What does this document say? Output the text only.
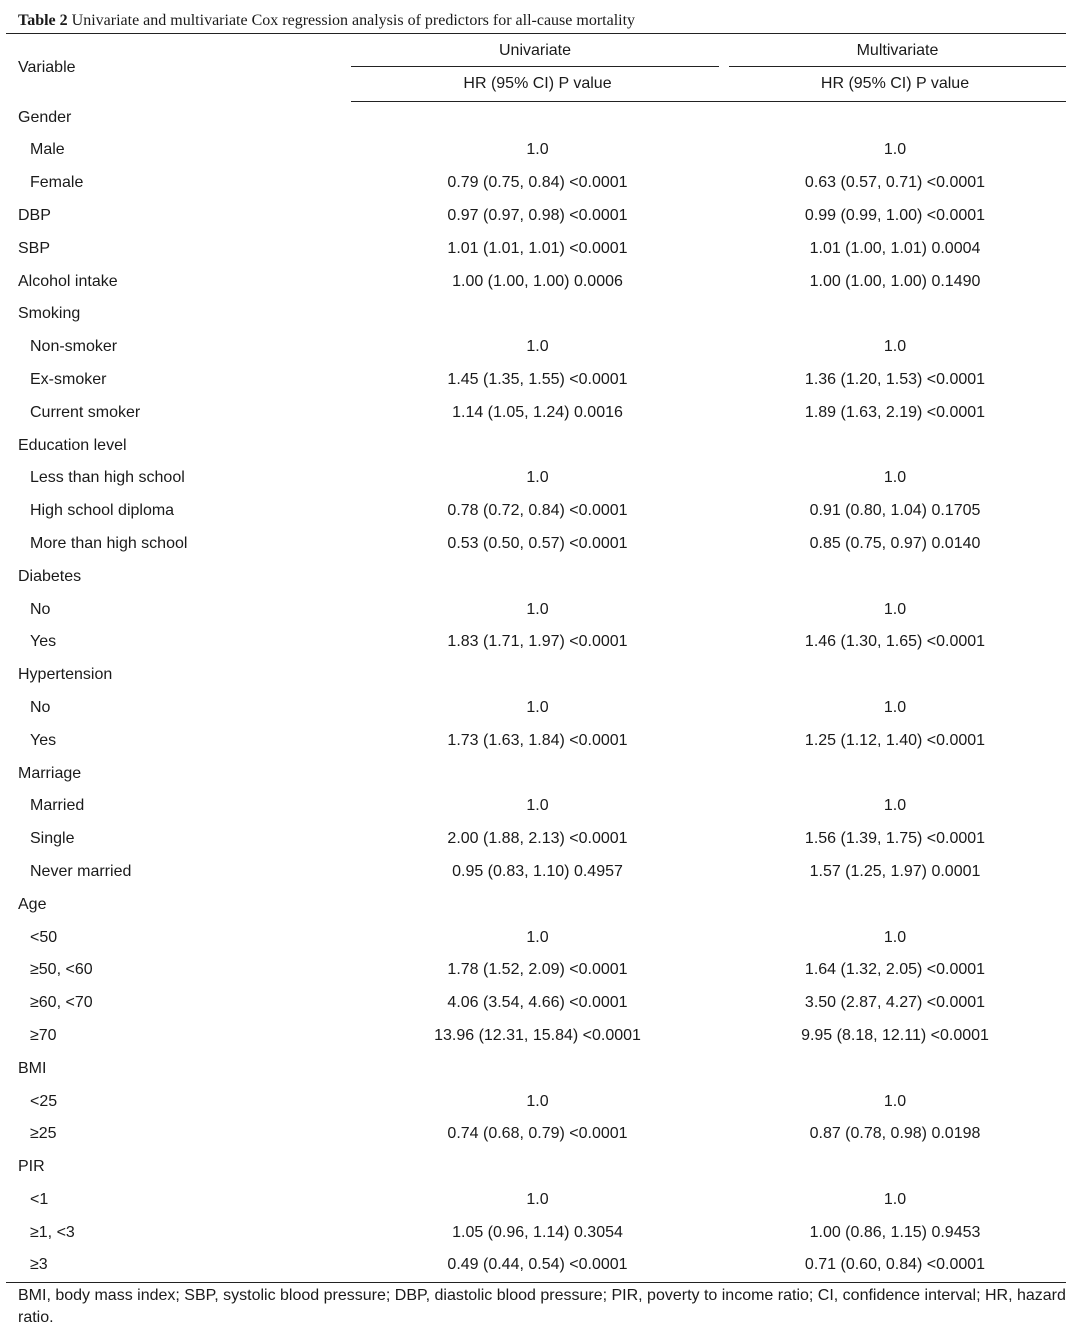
Table 2 Univariate and multivariate Cox regression analysis of predictors for all-cause mortality
Variable	Univariate	Multivariate

	HR (95% CI) P value	HR (95% CI) P value
Gender		
Male	1.0	1.0
Female	0.79 (0.75, 0.84) <0.0001	0.63 (0.57, 0.71) <0.0001
DBP	0.97 (0.97, 0.98) <0.0001	0.99 (0.99, 1.00) <0.0001
SBP	1.01 (1.01, 1.01) <0.0001	1.01 (1.00, 1.01) 0.0004
Alcohol intake	1.00 (1.00, 1.00) 0.0006	1.00 (1.00, 1.00) 0.1490
Smoking		
Non-smoker	1.0	1.0
Ex-smoker	1.45 (1.35, 1.55) <0.0001	1.36 (1.20, 1.53) <0.0001
Current smoker	1.14 (1.05, 1.24) 0.0016	1.89 (1.63, 2.19) <0.0001
Education level		
Less than high school	1.0	1.0
High school diploma	0.78 (0.72, 0.84) <0.0001	0.91 (0.80, 1.04) 0.1705
More than high school	0.53 (0.50, 0.57) <0.0001	0.85 (0.75, 0.97) 0.0140
Diabetes		
No	1.0	1.0
Yes	1.83 (1.71, 1.97) <0.0001	1.46 (1.30, 1.65) <0.0001
Hypertension		
No	1.0	1.0
Yes	1.73 (1.63, 1.84) <0.0001	1.25 (1.12, 1.40) <0.0001
Marriage		
Married	1.0	1.0
Single	2.00 (1.88, 2.13) <0.0001	1.56 (1.39, 1.75) <0.0001
Never married	0.95 (0.83, 1.10) 0.4957	1.57 (1.25, 1.97) 0.0001
Age		
<50	1.0	1.0
≥50, <60	1.78 (1.52, 2.09) <0.0001	1.64 (1.32, 2.05) <0.0001
≥60, <70	4.06 (3.54, 4.66) <0.0001	3.50 (2.87, 4.27) <0.0001
≥70	13.96 (12.31, 15.84) <0.0001	9.95 (8.18, 12.11) <0.0001
BMI		
<25	1.0	1.0
≥25	0.74 (0.68, 0.79) <0.0001	0.87 (0.78, 0.98) 0.0198
PIR		
<1	1.0	1.0
≥1, <3	1.05 (0.96, 1.14) 0.3054	1.00 (0.86, 1.15) 0.9453
≥3	0.49 (0.44, 0.54) <0.0001	0.71 (0.60, 0.84) <0.0001
BMI, body mass index; SBP, systolic blood pressure; DBP, diastolic blood pressure; PIR, poverty to income ratio; CI, confidence interval; HR, hazard ratio.
